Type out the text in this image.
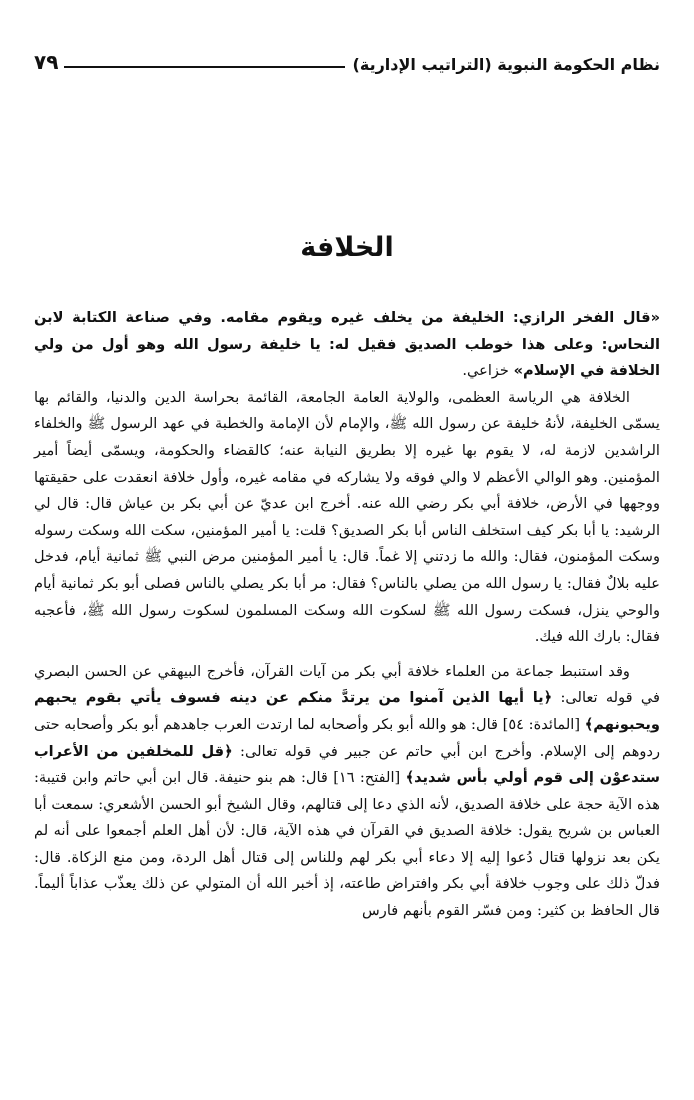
نظام الحكومة النبوية (التراتيب الإدارية)
٧٩
الخلافة

«قال الفخر الرازي: الخليفة من يخلف غيره ويقوم مقامه. وفي صناعة الكتابة لابن النحاس: وعلى هذا خوطب الصديق فقيل له: يا خليفة رسول الله وهو أول من ولي الخلافة في الإسلام» خزاعي.

الخلافة هي الرياسة العظمى، والولاية العامة الجامعة، القائمة بحراسة الدين والدنيا، والقائم بها يسمّى الخليفة، لأنهُ خليفة عن رسول الله ﷺ، والإمام لأن الإمامة والخطبة في عهد الرسول ﷺ والخلفاء الراشدين لازمة له، لا يقوم بها غيره إلا بطريق النيابة عنه؛ كالقضاء والحكومة، ويسمّى أيضاً أمير المؤمنين. وهو الوالي الأعظم لا والي فوقه ولا يشاركه في مقامه غيره، وأول خلافة انعقدت على حقيقتها ووجهها في الأرض، خلافة أبي بكر رضي الله عنه. أخرج ابن عديّ عن أبي بكر بن عياش قال: قال لي الرشيد: يا أبا بكر كيف استخلف الناس أبا بكر الصديق؟ قلت: يا أمير المؤمنين، سكت الله وسكت رسوله وسكت المؤمنون، فقال: والله ما زدتني إلا غماً. قال: يا أمير المؤمنين مرض النبي ﷺ ثمانية أيام، فدخل عليه بلالٌ فقال: يا رسول الله من يصلي بالناس؟ فقال: مر أبا بكر يصلي بالناس فصلى أبو بكر ثمانية أيام والوحي ينزل، فسكت رسول الله ﷺ لسكوت الله وسكت المسلمون لسكوت رسول الله ﷺ، فأعجبه فقال: بارك الله فيك.

وقد استنبط جماعة من العلماء خلافة أبي بكر من آيات القرآن، فأخرج البيهقي عن الحسن البصري في قوله تعالى: ﴿يا أيها الذين آمنوا من يرتدَّ منكم عن دينه فسوف يأتي بقوم يحبهم ويحبونهم﴾ [المائدة: ٥٤] قال: هو والله أبو بكر وأصحابه لما ارتدت العرب جاهدهم أبو بكر وأصحابه حتى ردوهم إلى الإسلام. وأخرج ابن أبي حاتم عن جبير في قوله تعالى: ﴿قل للمخلفين من الأعراب ستدعوْن إلى قوم أولي بأس شديد﴾ [الفتح: ١٦] قال: هم بنو حنيفة. قال ابن أبي حاتم وابن قتيبة: هذه الآية حجة على خلافة الصديق، لأنه الذي دعا إلى قتالهم، وقال الشيخ أبو الحسن الأشعري: سمعت أبا العباس بن شريح يقول: خلافة الصديق في القرآن في هذه الآية، قال: لأن أهل العلم أجمعوا على أنه لم يكن بعد نزولها قتال دُعوا إليه إلا دعاء أبي بكر لهم وللناس إلى قتال أهل الردة، ومن منع الزكاة. قال: فدلّ ذلك على وجوب خلافة أبي بكر وافتراض طاعته، إذ أخبر الله أن المتولي عن ذلك يعذّب عذاباً أليماً. قال الحافظ بن كثير: ومن فسّر القوم بأنهم فارس
